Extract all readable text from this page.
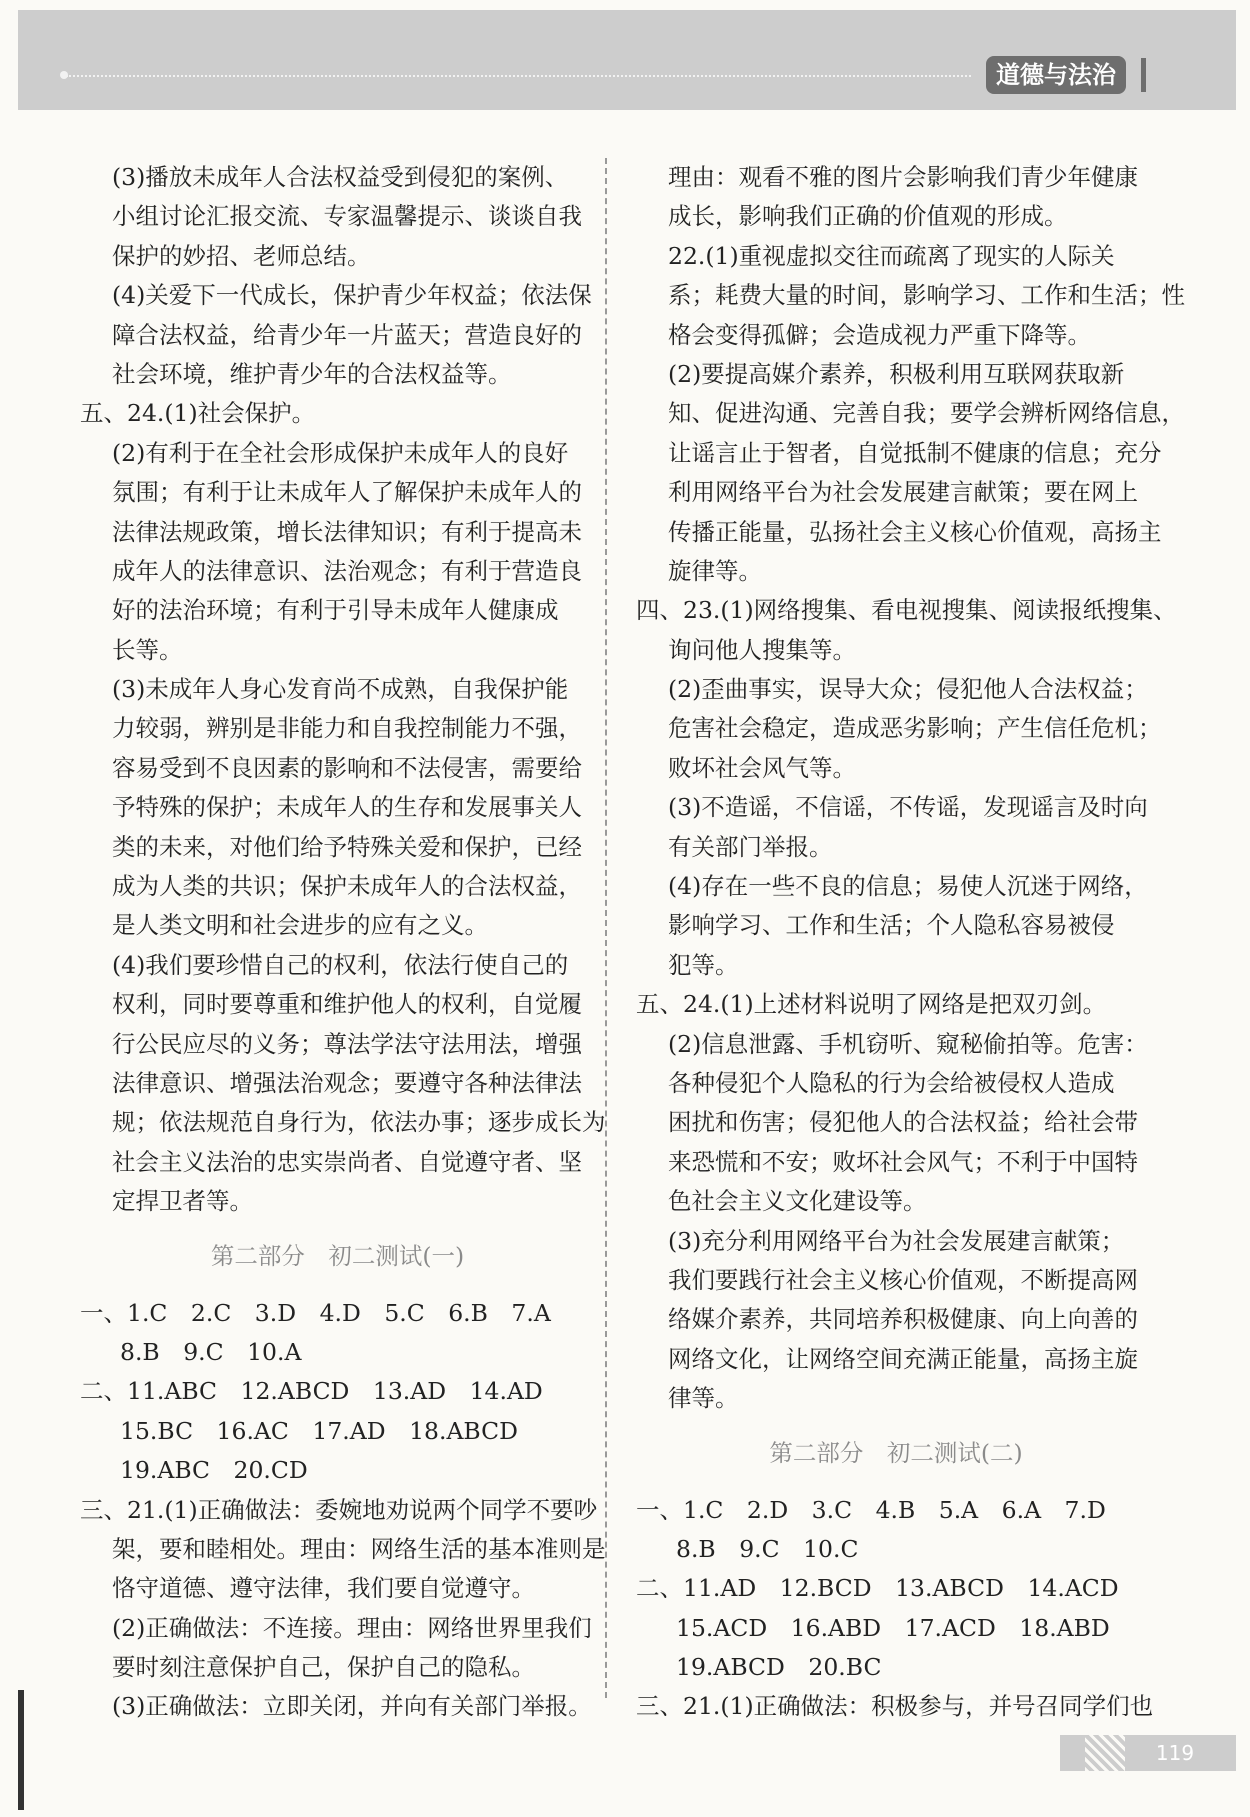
道德与法治
(3)播放未成年人合法权益受到侵犯的案例、
小组讨论汇报交流、专家温馨提示、谈谈自我
保护的妙招、老师总结。
(4)关爱下一代成长，保护青少年权益；依法保
障合法权益，给青少年一片蓝天；营造良好的
社会环境，维护青少年的合法权益等。
五、24.(1)社会保护。
(2)有利于在全社会形成保护未成年人的良好
氛围；有利于让未成年人了解保护未成年人的
法律法规政策，增长法律知识；有利于提高未
成年人的法律意识、法治观念；有利于营造良
好的法治环境；有利于引导未成年人健康成
长等。
(3)未成年人身心发育尚不成熟，自我保护能
力较弱，辨别是非能力和自我控制能力不强，
容易受到不良因素的影响和不法侵害，需要给
予特殊的保护；未成年人的生存和发展事关人
类的未来，对他们给予特殊关爱和保护，已经
成为人类的共识；保护未成年人的合法权益，
是人类文明和社会进步的应有之义。
(4)我们要珍惜自己的权利，依法行使自己的
权利，同时要尊重和维护他人的权利，自觉履
行公民应尽的义务；尊法学法守法用法，增强
法律意识、增强法治观念；要遵守各种法律法
规；依法规范自身行为，依法办事；逐步成长为
社会主义法治的忠实崇尚者、自觉遵守者、坚
定捍卫者等。
第二部分　初二测试(一)
一、1.C　2.C　3.D　4.D　5.C　6.B　7.A
8.B　9.C　10.A
二、11.ABC　12.ABCD　13.AD　14.AD
15.BC　16.AC　17.AD　18.ABCD
19.ABC　20.CD
三、21.(1)正确做法：委婉地劝说两个同学不要吵
架，要和睦相处。理由：网络生活的基本准则是
恪守道德、遵守法律，我们要自觉遵守。
(2)正确做法：不连接。理由：网络世界里我们
要时刻注意保护自己，保护自己的隐私。
(3)正确做法：立即关闭，并向有关部门举报。
理由：观看不雅的图片会影响我们青少年健康
成长，影响我们正确的价值观的形成。
22.(1)重视虚拟交往而疏离了现实的人际关
系；耗费大量的时间，影响学习、工作和生活；性
格会变得孤僻；会造成视力严重下降等。
(2)要提高媒介素养，积极利用互联网获取新
知、促进沟通、完善自我；要学会辨析网络信息，
让谣言止于智者，自觉抵制不健康的信息；充分
利用网络平台为社会发展建言献策；要在网上
传播正能量，弘扬社会主义核心价值观，高扬主
旋律等。
四、23.(1)网络搜集、看电视搜集、阅读报纸搜集、
询问他人搜集等。
(2)歪曲事实，误导大众；侵犯他人合法权益；
危害社会稳定，造成恶劣影响；产生信任危机；
败坏社会风气等。
(3)不造谣，不信谣，不传谣，发现谣言及时向
有关部门举报。
(4)存在一些不良的信息；易使人沉迷于网络，
影响学习、工作和生活；个人隐私容易被侵
犯等。
五、24.(1)上述材料说明了网络是把双刃剑。
(2)信息泄露、手机窃听、窥秘偷拍等。危害：
各种侵犯个人隐私的行为会给被侵权人造成
困扰和伤害；侵犯他人的合法权益；给社会带
来恐慌和不安；败坏社会风气；不利于中国特
色社会主义文化建设等。
(3)充分利用网络平台为社会发展建言献策；
我们要践行社会主义核心价值观，不断提高网
络媒介素养，共同培养积极健康、向上向善的
网络文化，让网络空间充满正能量，高扬主旋
律等。
第二部分　初二测试(二)
一、1.C　2.D　3.C　4.B　5.A　6.A　7.D
8.B　9.C　10.C
二、11.AD　12.BCD　13.ABCD　14.ACD
15.ACD　16.ABD　17.ACD　18.ABD
19.ABCD　20.BC
三、21.(1)正确做法：积极参与，并号召同学们也
119
